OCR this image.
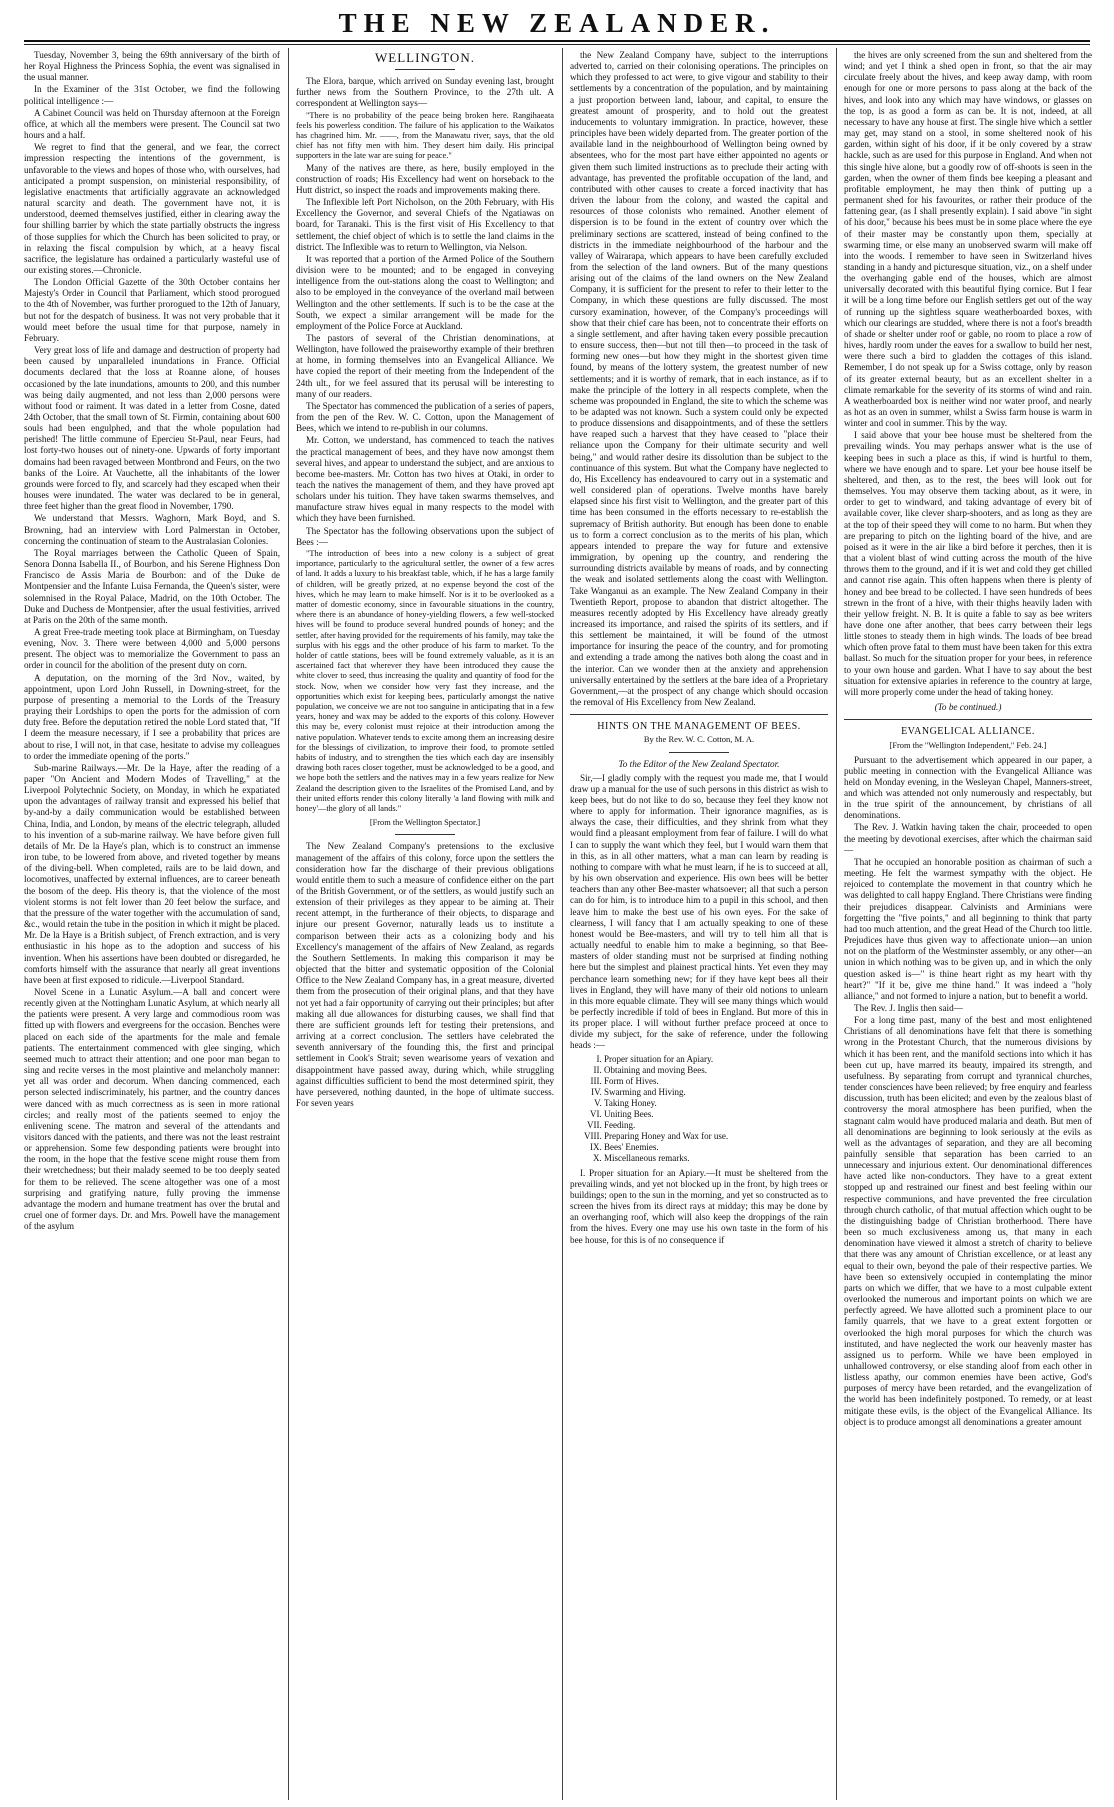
THE NEW ZEALANDER.

Tuesday, November 3, being the 69th anniversary of the birth of her Royal Highness the Princess Sophia, the event was signalised in the usual manner.

In the Examiner of the 31st October, we find the following political intelligence :—

A Cabinet Council was held on Thursday afternoon at the Foreign office, at which all the members were present. The Council sat two hours and a half.

We regret to find that the general, and we fear, the correct impression respecting the intentions of the government, is unfavorable to the views and hopes of those who, with ourselves, had anticipated a prompt suspension, on ministerial responsibility, of legislative enactments that artificially aggravate an acknowledged natural scarcity and death. The government have not, it is understood, deemed themselves justified, either in clearing away the four shilling barrier by which the state partially obstructs the ingress of those supplies for which the Church has been solicited to pray, or in relaxing the fiscal compulsion by which, at a heavy fiscal sacrifice, the legislature has ordained a particularly wasteful use of our existing stores.—Chronicle.

The London Official Gazette of the 30th October contains her Majesty's Order in Council that Parliament, which stood prorogued to the 4th of November, was further prorogued to the 12th of January, but not for the despatch of business. It was not very probable that it would meet before the usual time for that purpose, namely in February.

Very great loss of life and damage and destruction of property had been caused by unparalleled inundations in France. Official documents declared that the loss at Roanne alone, of houses occasioned by the late inundations, amounts to 200, and this number was being daily augmented, and not less than 2,000 persons were without food or raiment. It was dated in a letter from Cosne, dated 24th October, that the small town of St. Firmin, containing about 600 souls had been engulphed, and that the whole population had perished! The little commune of Epercieu St-Paul, near Feurs, had lost forty-two houses out of ninety-one. Upwards of forty important domains had been ravaged between Montbrond and Feurs, on the two banks of the Loire. At Vauchette, all the inhabitants of the lower grounds were forced to fly, and scarcely had they escaped when their houses were inundated. The water was declared to be in general, three feet higher than the great flood in November, 1790.

We understand that Messrs. Waghorn, Mark Boyd, and S. Browning, had an interview with Lord Palmerstan in October, concerning the continuation of steam to the Australasian Colonies.

The Royal marriages between the Catholic Queen of Spain, Senora Donna Isabella II., of Bourbon, and his Serene Highness Don Francisco de Assis Maria de Bourbon: and of the Duke de Montpensier and the Infante Luisa Fernanda, the Queen's sister, were solemnised in the Royal Palace, Madrid, on the 10th October. The Duke and Duchess de Montpensier, after the usual festivities, arrived at Paris on the 20th of the same month.

A great Free-trade meeting took place at Birmingham, on Tuesday evening, Nov. 3. There were between 4,000 and 5,000 persons present. The object was to memorialize the Government to pass an order in council for the abolition of the present duty on corn.

A deputation, on the morning of the 3rd Nov., waited, by appointment, upon Lord John Russell, in Downing-street, for the purpose of presenting a memorial to the Lords of the Treasury praying their Lordships to open the ports for the admission of corn duty free. Before the deputation retired the noble Lord stated that, "If I deem the measure necessary, if I see a probability that prices are about to rise, I will not, in that case, hesitate to advise my colleagues to order the immediate opening of the ports."

Sub-marine Railways.—Mr. De la Haye, after the reading of a paper "On Ancient and Modern Modes of Travelling," at the Liverpool Polytechnic Society, on Monday, in which he expatiated upon the advantages of railway transit and expressed his belief that by-and-by a daily communication would be established between China, India, and London, by means of the electric telegraph, alluded to his invention of a sub-marine railway. We have before given full details of Mr. De la Haye's plan, which is to construct an immense iron tube, to be lowered from above, and riveted together by means of the diving-bell. When completed, rails are to be laid down, and locomotives, unaffected by external influences, are to career beneath the bosom of the deep. His theory is, that the violence of the most violent storms is not felt lower than 20 feet below the surface, and that the pressure of the water together with the accumulation of sand, &c., would retain the tube in the position in which it might be placed. Mr. De la Haye is a British subject, of French extraction, and is very enthusiastic in his hope as to the adoption and success of his invention. When his assertions have been doubted or disregarded, he comforts himself with the assurance that nearly all great inventions have been at first exposed to ridicule.—Liverpool Standard.

Novel Scene in a Lunatic Asylum.—A ball and concert were recently given at the Nottingham Lunatic Asylum, at which nearly all the patients were present. A very large and commodious room was fitted up with flowers and evergreens for the occasion. Benches were placed on each side of the apartments for the male and female patients. The entertainment commenced with glee singing, which seemed much to attract their attention; and one poor man began to sing and recite verses in the most plaintive and melancholy manner: yet all was order and decorum. When dancing commenced, each person selected indiscriminately, his partner, and the country dances were danced with as much correctness as is seen in more rational circles; and really most of the patients seemed to enjoy the enlivening scene. The matron and several of the attendants and visitors danced with the patients, and there was not the least restraint or apprehension. Some few desponding patients were brought into the room, in the hope that the festive scene might rouse them from their wretchedness; but their malady seemed to be too deeply seated for them to be relieved. The scene altogether was one of a most surprising and gratifying nature, fully proving the immense advantage the modern and humane treatment has over the brutal and cruel one of former days. Dr. and Mrs. Powell have the management of the asylum

WELLINGTON.

The Elora, barque, which arrived on Sunday evening last, brought further news from the Southern Province, to the 27th ult. A correspondent at Wellington says—

"There is no probability of the peace being broken here. Rangihaeata feels his powerless condition. The failure of his application to the Waikatos has chagrined him. Mr. ——, from the Manawatu river, says, that the old chief has not fifty men with him. They desert him daily. His principal supporters in the late war are suing for peace."

Many of the natives are there, as here, busily employed in the construction of roads; His Excellency had went on horseback to the Hutt district, so inspect the roads and improvements making there.

The Inflexible left Port Nicholson, on the 20th February, with His Excellency the Governor, and several Chiefs of the Ngatiawas on board, for Taranaki. This is the first visit of His Excellency to that settlement, the chief object of which is to settle the land claims in the district. The Inflexible was to return to Wellington, via Nelson.

It was reported that a portion of the Armed Police of the Southern division were to be mounted; and to be engaged in conveying intelligence from the out-stations along the coast to Wellington; and also to be employed in the conveyance of the overland mail between Wellington and the other settlements. If such is to be the case at the South, we expect a similar arrangement will be made for the employment of the Police Force at Auckland.

The pastors of several of the Christian denominations, at Wellington, have followed the praiseworthy example of their brethren at home, in forming themselves into an Evangelical Alliance. We have copied the report of their meeting from the Independent of the 24th ult., for we feel assured that its perusal will be interesting to many of our readers.

The Spectator has commenced the publication of a series of papers, from the pen of the Rev. W. C. Cotton, upon the Management of Bees, which we intend to re-publish in our columns.

Mr. Cotton, we understand, has commenced to teach the natives the practical management of bees, and they have now amongst them several hives, and appear to understand the subject, and are anxious to become bee-masters. Mr. Cotton has two hives at Otaki, in order to teach the natives the management of them, and they have proved apt scholars under his tuition. They have taken swarms themselves, and manufacture straw hives equal in many respects to the model with which they have been furnished.

The Spectator has the following observations upon the subject of Bees :—

"The introduction of bees into a new colony is a subject of great importance, particularly to the agricultural settler, the owner of a few acres of land. It adds a luxury to his breakfast table, which, if he has a large family of children, will be greatly prized, at no expense beyond the cost of the hives, which he may learn to make himself. Nor is it to be overlooked as a matter of domestic economy, since in favourable situations in the country, where there is an abundance of honey-yielding flowers, a few well-stocked hives will be found to produce several hundred pounds of honey; and the settler, after having provided for the requirements of his family, may take the surplus with his eggs and the other produce of his farm to market. To the holder of cattle stations, bees will be found extremely valuable, as it is an ascertained fact that wherever they have been introduced they cause the white clover to seed, thus increasing the quality and quantity of food for the stock. Now, when we consider how very fast they increase, and the opportunities which exist for keeping bees, particularly amongst the native population, we conceive we are not too sanguine in anticipating that in a few years, honey and wax may be added to the exports of this colony. However this may be, every colonist must rejoice at their introduction among the native population. Whatever tends to excite among them an increasing desire for the blessings of civilization, to improve their food, to promote settled habits of industry, and to strengthen the ties which each day are insensibly drawing both races closer together, must be acknowledged to be a good, and we hope both the settlers and the natives may in a few years realize for New Zealand the description given to the Israelites of the Promised Land, and by their united efforts render this colony literally 'a land flowing with milk and honey'—the glory of all lands."

[From the Wellington Spectator.]

The New Zealand Company's pretensions to the exclusive management of the affairs of this colony, force upon the settlers the consideration how far the discharge of their previous obligations would entitle them to such a measure of confidence either on the part of the British Government, or of the settlers, as would justify such an extension of their privileges as they appear to be aiming at. Their recent attempt, in the furtherance of their objects, to disparage and injure our present Governor, naturally leads us to institute a comparison between their acts as a colonizing body and his Excellency's management of the affairs of New Zealand, as regards the Southern Settlements. In making this comparison it may be objected that the bitter and systematic opposition of the Colonial Office to the New Zealand Company has, in a great measure, diverted them from the prosecution of their original plans, and that they have not yet had a fair opportunity of carrying out their principles; but after making all due allowances for disturbing causes, we shall find that there are sufficient grounds left for testing their pretensions, and arriving at a correct conclusion. The settlers have celebrated the seventh anniversary of the founding this, the first and principal settlement in Cook's Strait; seven wearisome years of vexation and disappointment have passed away, during which, while struggling against difficulties sufficient to bend the most determined spirit, they have persevered, nothing daunted, in the hope of ultimate success. For seven years

the New Zealand Company have, subject to the interruptions adverted to, carried on their colonising operations. The principles on which they professed to act were, to give vigour and stability to their settlements by a concentration of the population, and by maintaining a just proportion between land, labour, and capital, to ensure the greatest amount of prosperity, and to hold out the greatest inducements to voluntary immigration. In practice, however, these principles have been widely departed from. The greater portion of the available land in the neighbourhood of Wellington being owned by absentees, who for the most part have either appointed no agents or given them such limited instructions as to preclude their acting with advantage, has prevented the profitable occupation of the land, and contributed with other causes to create a forced inactivity that has driven the labour from the colony, and wasted the capital and resources of those colonists who remained. Another element of dispersion is to be found in the extent of country over which the preliminary sections are scattered, instead of being confined to the districts in the immediate neighbourhood of the harbour and the valley of Wairarapa, which appears to have been carefully excluded from the selection of the land owners. But of the many questions arising out of the claims of the land owners on the New Zealand Company, it is sufficient for the present to refer to their letter to the Company, in which these questions are fully discussed. The most cursory examination, however, of the Company's proceedings will show that their chief care has been, not to concentrate their efforts on a single settlement, and after having taken every possible precaution to ensure success, then—but not till then—to proceed in the task of forming new ones—but how they might in the shortest given time found, by means of the lottery system, the greatest number of new settlements; and it is worthy of remark, that in each instance, as if to make the principle of the lottery in all respects complete, when the scheme was propounded in England, the site to which the scheme was to be adapted was not known. Such a system could only be expected to produce dissensions and disappointments, and of these the settlers have reaped such a harvest that they have ceased to "place their reliance upon the Company for their ultimate security and well being," and would rather desire its dissolution than be subject to the continuance of this system. But what the Company have neglected to do, His Excellency has endeavoured to carry out in a systematic and well considered plan of operations. Twelve months have barely elapsed since his first visit to Wellington, and the greater part of this time has been consumed in the efforts necessary to re-establish the supremacy of British authority. But enough has been done to enable us to form a correct conclusion as to the merits of his plan, which appears intended to prepare the way for future and extensive immigration, by opening up the country, and rendering the surrounding districts available by means of roads, and by connecting the weak and isolated settlements along the coast with Wellington. Take Wanganui as an example. The New Zealand Company in their Twentieth Report, propose to abandon that district altogether. The measures recently adopted by His Excellency have already greatly increased its importance, and raised the spirits of its settlers, and if this settlement be maintained, it will be found of the utmost importance for insuring the peace of the country, and for promoting and extending a trade among the natives both along the coast and in the interior. Can we wonder then at the anxiety and apprehension universally entertained by the settlers at the bare idea of a Proprietary Government,—at the prospect of any change which should occasion the removal of His Excellency from New Zealand.

HINTS ON THE MANAGEMENT OF BEES.
By the Rev. W. C. Cotton, M. A.
To the Editor of the New Zealand Spectator.

Sir,—I gladly comply with the request you made me, that I would draw up a manual for the use of such persons in this district as wish to keep bees, but do not like to do so, because they feel they know not where to apply for information. Their ignorance magnifies, as is always the case, their difficulties, and they shrink from what they would find a pleasant employment from fear of failure. I will do what I can to supply the want which they feel, but I would warn them that in this, as in all other matters, what a man can learn by reading is nothing to compare with what he must learn, if he is to succeed at all, by his own observation and experience. His own bees will be better teachers than any other Bee-master whatsoever; all that such a person can do for him, is to introduce him to a pupil in this school, and then leave him to make the best use of his own eyes. For the sake of clearness, I will fancy that I am actually speaking to one of these honest would be Bee-masters, and will try to tell him all that is actually needful to enable him to make a beginning, so that Bee-masters of older standing must not be surprised at finding nothing here but the simplest and plainest practical hints. Yet even they may perchance learn something new; for if they have kept bees all their lives in England, they will have many of their old notions to unlearn in this more equable climate. They will see many things which would be perfectly incredible if told of bees in England. But more of this in its proper place. I will without further preface proceed at once to divide my subject, for the sake of reference, under the following heads :—

I. Proper situation for an Apiary.
II. Obtaining and moving Bees.
III. Form of Hives.
IV. Swarming and Hiving.
V. Taking Honey.
VI. Uniting Bees.
VII. Feeding.
VIII. Preparing Honey and Wax for use.
IX. Bees' Enemies.
X. Miscellaneous remarks.

I. Proper situation for an Apiary.—It must be sheltered from the prevailing winds, and yet not blocked up in the front, by high trees or buildings; open to the sun in the morning, and yet so constructed as to screen the hives from its direct rays at midday; this may be done by an overhanging roof, which will also keep the droppings of the rain from the hives. Every one may use his own taste in the form of his bee house, for this is of no consequence if

the hives are only screened from the sun and sheltered from the wind; and yet I think a shed open in front, so that the air may circulate freely about the hives, and keep away damp, with room enough for one or more persons to pass along at the back of the hives, and look into any which may have windows, or glasses on the top, is as good a form as can be. It is not, indeed, at all necessary to have any house at first. The single hive which a settler may get, may stand on a stool, in some sheltered nook of his garden, within sight of his door, if it be only covered by a straw hackle, such as are used for this purpose in England. And when not this single hive alone, but a goodly row of off-shoots is seen in the garden, when the owner of them finds bee keeping a pleasant and profitable employment, he may then think of putting up a permanent shed for his favourites, or rather their produce of the fattening gear, (as I shall presently explain). I said above "in sight of his door," because his bees must be in some place where the eye of their master may be constantly upon them, specially at swarming time, or else many an unobserved swarm will make off into the woods. I remember to have seen in Switzerland hives standing in a handy and picturesque situation, viz., on a shelf under the overhanging gable end of the houses, which are almost universally decorated with this beautiful flying cornice. But I fear it will be a long time before our English settlers get out of the way of running up the sightless square weatherboarded boxes, with which our clearings are studded, where there is not a foot's breadth of shade or shelter under roof or gable, no room to place a row of hives, hardly room under the eaves for a swallow to build her nest, were there such a bird to gladden the cottages of this island. Remember, I do not speak up for a Swiss cottage, only by reason of its greater external beauty, but as an excellent shelter in a climate remarkable for the severity of its storms of wind and rain. A weatherboarded box is neither wind nor water proof, and nearly as hot as an oven in summer, whilst a Swiss farm house is warm in winter and cool in summer. This by the way.

I said above that your bee house must be sheltered from the prevailing winds. You may perhaps answer what is the use of keeping bees in such a place as this, if wind is hurtful to them, where we have enough and to spare. Let your bee house itself be sheltered, and then, as to the rest, the bees will look out for themselves. You may observe them tacking about, as it were, in order to get to windward, and taking advantage of every bit of available cover, like clever sharp-shooters, and as long as they are at the top of their speed they will come to no harm. But when they are preparing to pitch on the lighting board of the hive, and are poised as it were in the air like a bird before it perches, then it is that a violent blast of wind cutting across the mouth of the hive throws them to the ground, and if it is wet and cold they get chilled and cannot rise again. This often happens when there is plenty of honey and bee bread to be collected. I have seen hundreds of bees strewn in the front of a hive, with their thighs heavily laden with their yellow freight. N. B. It is quite a fable to say as bee writers have done one after another, that bees carry between their legs little stones to steady them in high winds. The loads of bee bread which often prove fatal to them must have been taken for this extra ballast. So much for the situation proper for your bees, in reference to your own house and garden. What I have to say about the best situation for extensive apiaries in reference to the country at large, will more properly come under the head of taking honey.

(To be continued.)
EVANGELICAL ALLIANCE.
[From the "Wellington Independent," Feb. 24.]

Pursuant to the advertisement which appeared in our paper, a public meeting in connection with the Evangelical Alliance was held on Monday evening, in the Wesleyan Chapel, Manners-street, and which was attended not only numerously and respectably, but in the true spirit of the announcement, by christians of all denominations.

The Rev. J. Watkin having taken the chair, proceeded to open the meeting by devotional exercises, after which the chairman said—

That he occupied an honorable position as chairman of such a meeting. He felt the warmest sympathy with the object. He rejoiced to contemplate the movement in that country which he was delighted to call happy England. There Christians were finding their prejudices disappear. Calvinists and Arminians were forgetting the "five points," and all beginning to think that party had too much attention, and the great Head of the Church too little. Prejudices have thus given way to affectionate union—an union not on the platform of the Westminster assembly, or any other—an union in which nothing was to be given up, and in which the only question asked is—" is thine heart right as my heart with thy heart?" "If it be, give me thine hand." It was indeed a "holy alliance," and not formed to injure a nation, but to benefit a world.

The Rev. J. Inglis then said—

For a long time past, many of the best and most enlightened Christians of all denominations have felt that there is something wrong in the Protestant Church, that the numerous divisions by which it has been rent, and the manifold sections into which it has been cut up, have marred its beauty, impaired its strength, and usefulness. By separating from corrupt and tyrannical churches, tender consciences have been relieved; by free enquiry and fearless discussion, truth has been elicited; and even by the zealous blast of controversy the moral atmosphere has been purified, when the stagnant calm would have produced malaria and death. But men of all denominations are beginning to look seriously at the evils as well as the advantages of separation, and they are all becoming painfully sensible that separation has been carried to an unnecessary and injurious extent. Our denominational differences have acted like non-conductors. They have to a great extent stopped up and restrained our finest and best feeling within our respective communions, and have prevented the free circulation through church catholic, of that mutual affection which ought to be the distinguishing badge of Christian brotherhood. There have been so much exclusiveness among us, that many in each denomination have viewed it almost a stretch of charity to believe that there was any amount of Christian excellence, or at least any equal to their own, beyond the pale of their respective parties. We have been so extensively occupied in contemplating the minor parts on which we differ, that we have to a most culpable extent overlooked the numerous and important points on which we are perfectly agreed. We have allotted such a prominent place to our family quarrels, that we have to a great extent forgotten or overlooked the high moral purposes for which the church was instituted, and have neglected the work our heavenly master has assigned us to perform. While we have been employed in unhallowed controversy, or else standing aloof from each other in listless apathy, our common enemies have been active, God's purposes of mercy have been retarded, and the evangelization of the world has been indefinitely postponed. To remedy, or at least mitigate these evils, is the object of the Evangelical Alliance. Its object is to produce amongst all denominations a greater amount
